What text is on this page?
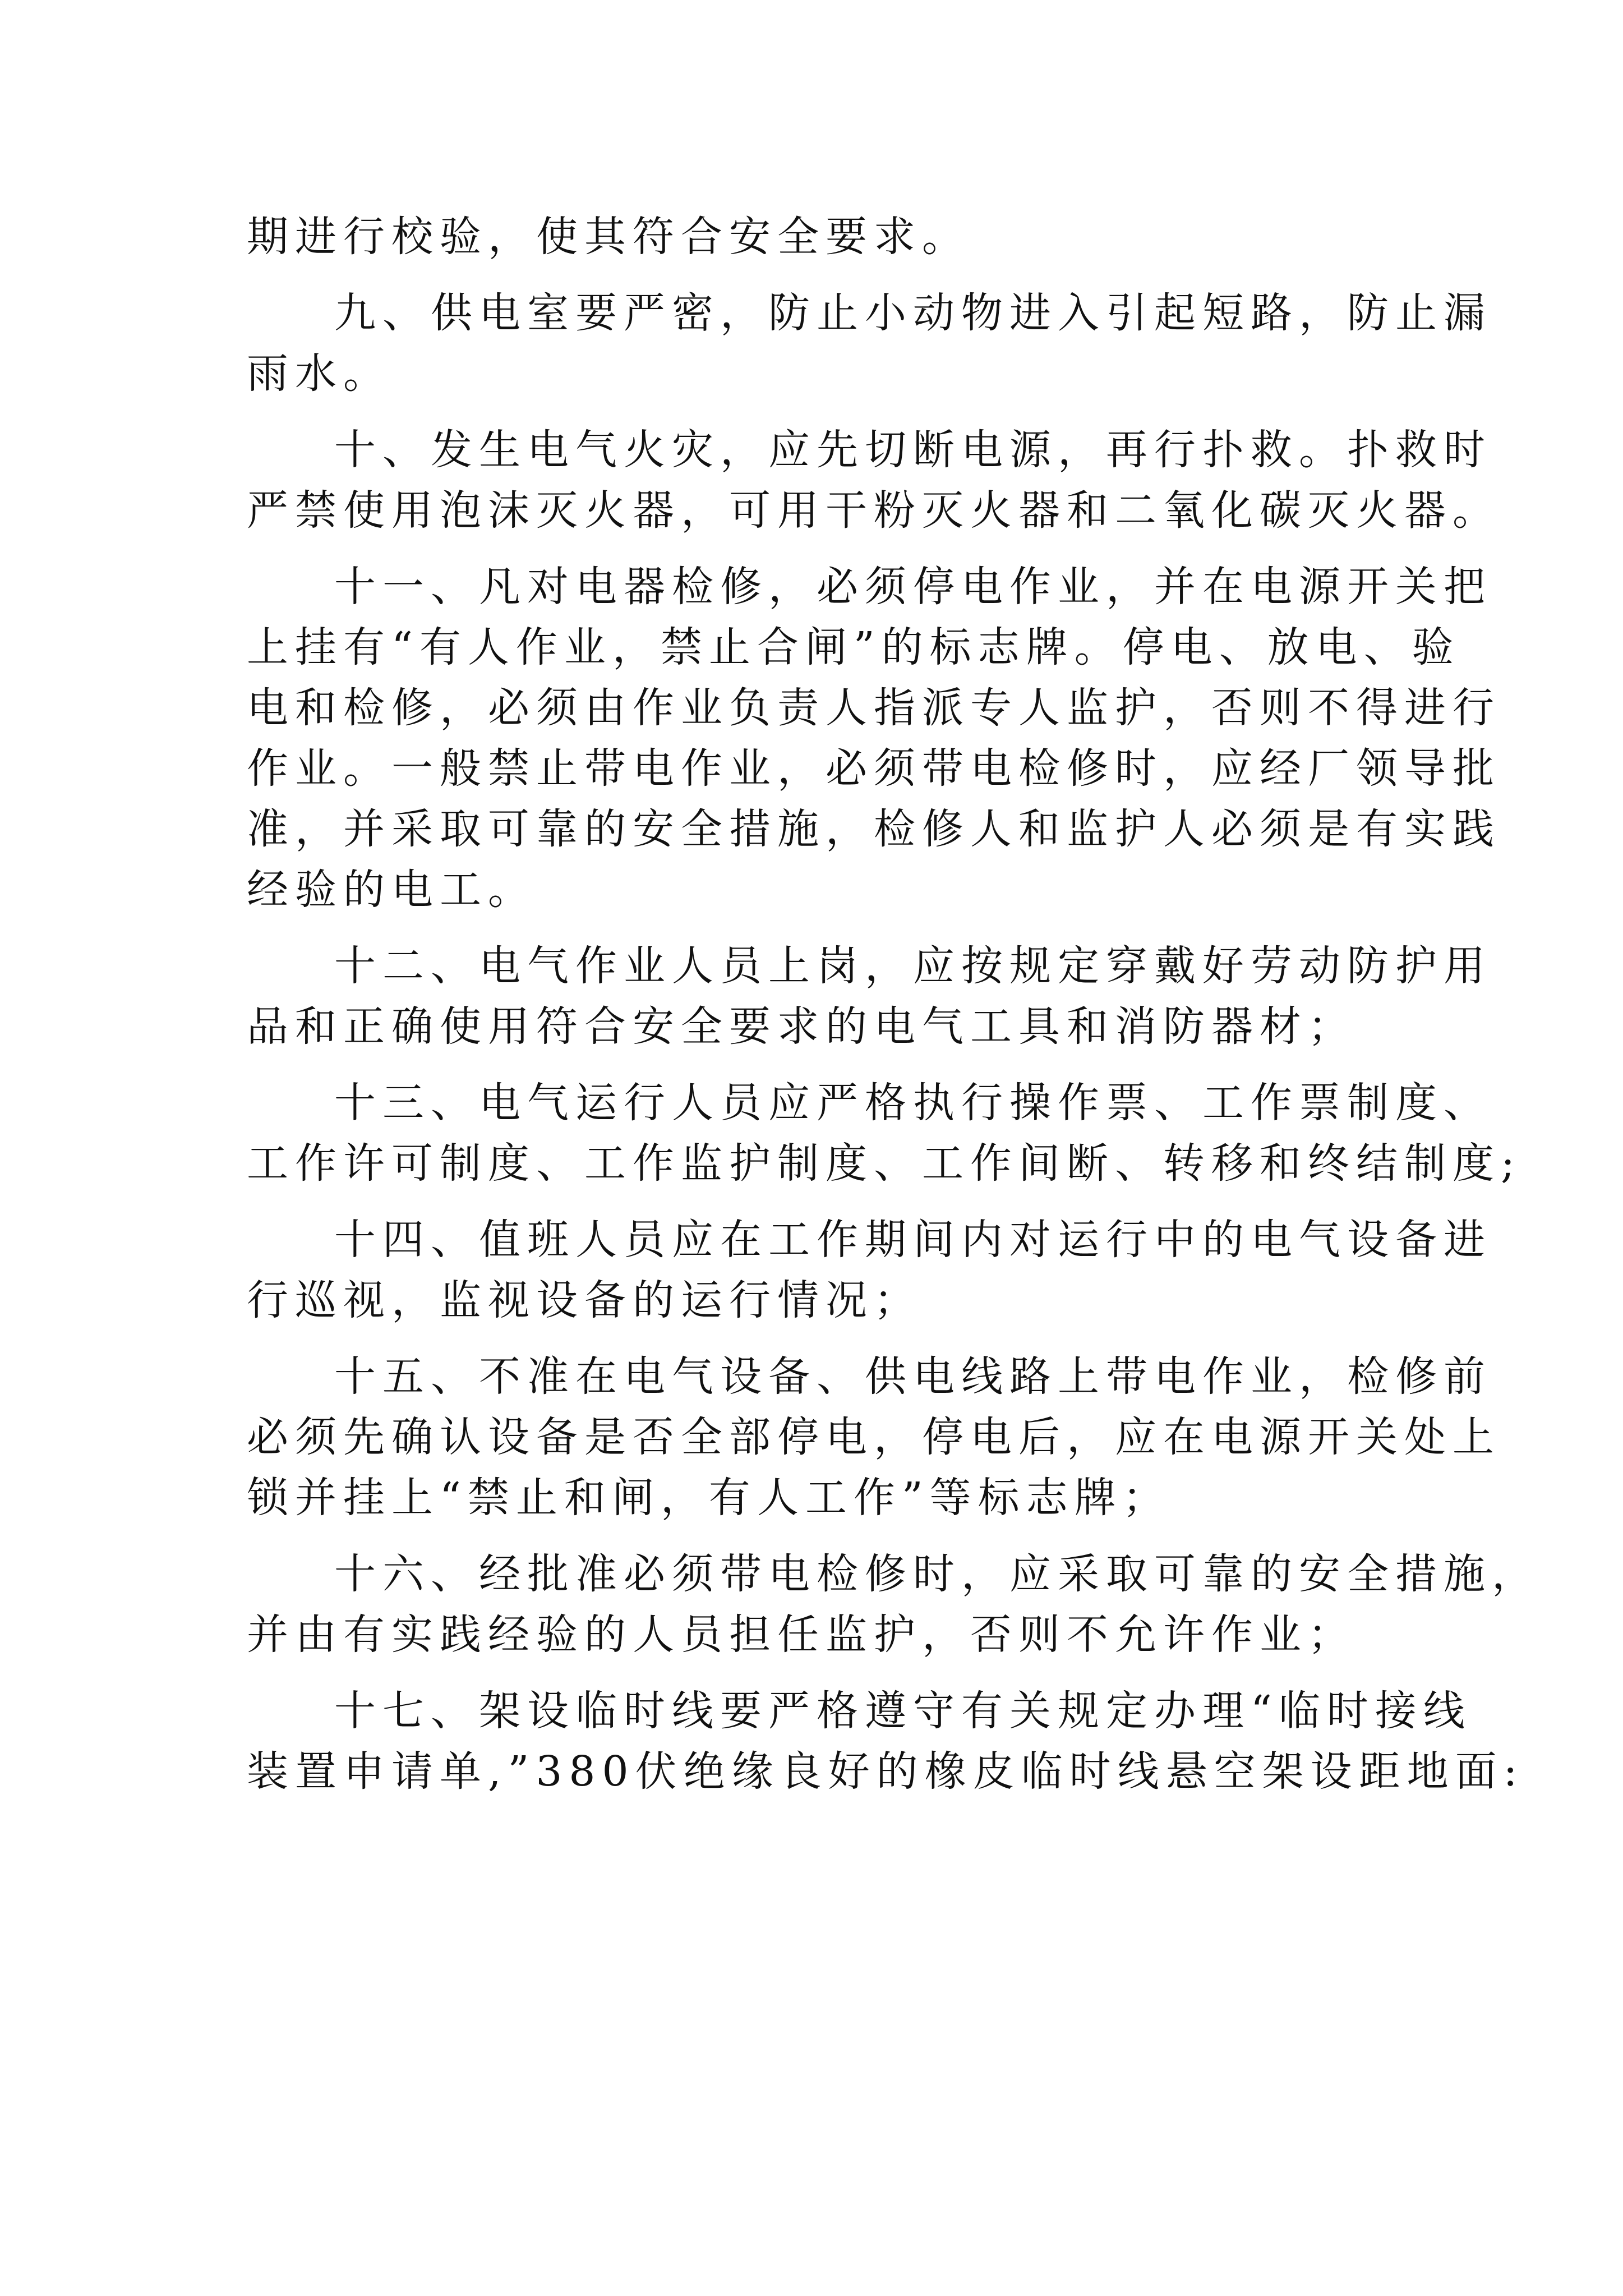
期进行校验，使其符合安全要求。
九、供电室要严密，防止小动物进入引起短路，防止漏
雨水。
十、发生电气火灾，应先切断电源，再行扑救。扑救时
严禁使用泡沫灭火器，可用干粉灭火器和二氧化碳灭火器。
十一、凡对电器检修，必须停电作业，并在电源开关把
上挂有“有人作业，禁止合闸”的标志牌。停电、放电、验
电和检修，必须由作业负责人指派专人监护，否则不得进行
作业。一般禁止带电作业，必须带电检修时，应经厂领导批
准，并采取可靠的安全措施，检修人和监护人必须是有实践
经验的电工。
十二、电气作业人员上岗，应按规定穿戴好劳动防护用
品和正确使用符合安全要求的电气工具和消防器材；
十三、电气运行人员应严格执行操作票、工作票制度、
工作许可制度、工作监护制度、工作间断、转移和终结制度;
十四、值班人员应在工作期间内对运行中的电气设备进
行巡视，监视设备的运行情况；
十五、不准在电气设备、供电线路上带电作业，检修前
必须先确认设备是否全部停电，停电后，应在电源开关处上
锁并挂上“禁止和闸，有人工作”等标志牌；
十六、经批准必须带电检修时，应采取可靠的安全措施，
并由有实践经验的人员担任监护，否则不允许作业；
十七、架设临时线要严格遵守有关规定办理“临时接线
装置申请单,”380伏绝缘良好的橡皮临时线悬空架设距地面:
